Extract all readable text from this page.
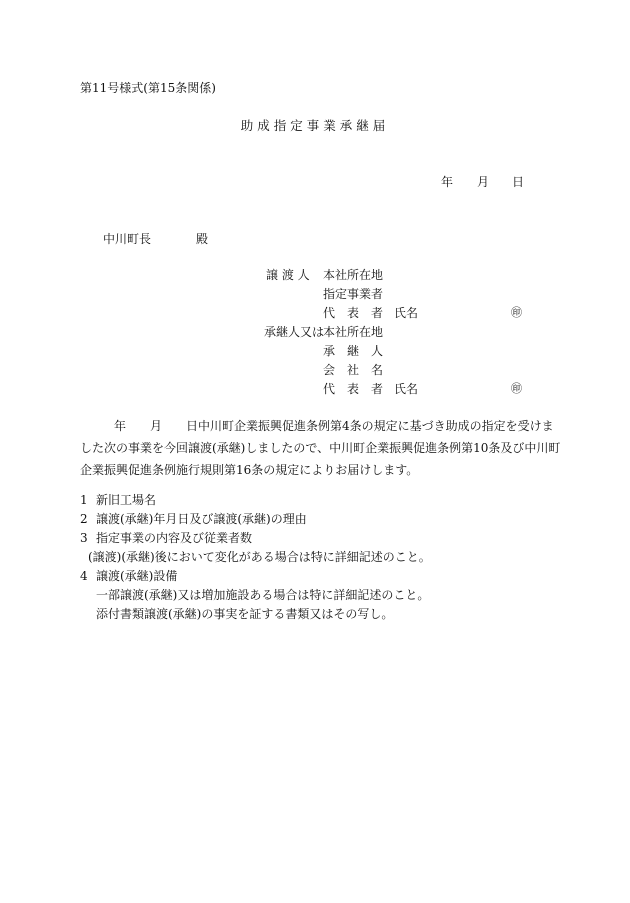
第11号様式(第15条関係)
助成指定事業承継届
年 月 日
中川町長	殿
譲 渡 人 本社所在地
指定事業者
代　表　者 氏名	㊞
承継人又は
本社所在地
承　継　人
会　社　名
代　表　者 氏名	㊞
年　　月　　日中川町企業振興促進条例第4条の規定に基づき助成の指定を受けま
した次の事業を今回譲渡(承継)しましたので、中川町企業振興促進条例第10条及び中川町
企業振興促進条例施行規則第16条の規定によりお届けします。
1 新旧工場名
2 譲渡(承継)年月日及び譲渡(承継)の理由
3 指定事業の内容及び従業者数
(譲渡)(承継)後において変化がある場合は特に詳細記述のこと。
4 譲渡(承継)設備
一部譲渡(承継)又は増加施設ある場合は特に詳細記述のこと。
添付書類譲渡(承継)の事実を証する書類又はその写し。
